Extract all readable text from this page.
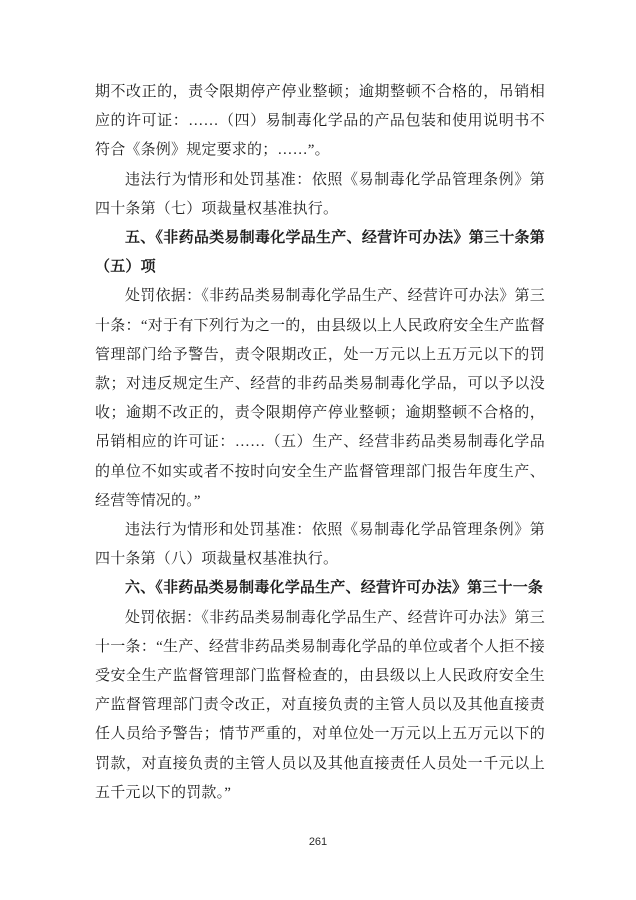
期不改正的，责令限期停产停业整顿；逾期整顿不合格的，吊销相应的许可证：……（四）易制毒化学品的产品包装和使用说明书不符合《条例》规定要求的；……”。

违法行为情形和处罚基准：依照《易制毒化学品管理条例》第四十条第（七）项裁量权基准执行。

五、《非药品类易制毒化学品生产、经营许可办法》第三十条第（五）项

处罚依据：《非药品类易制毒化学品生产、经营许可办法》第三十条：“对于有下列行为之一的，由县级以上人民政府安全生产监督管理部门给予警告，责令限期改正，处一万元以上五万元以下的罚款；对违反规定生产、经营的非药品类易制毒化学品，可以予以没收；逾期不改正的，责令限期停产停业整顿；逾期整顿不合格的，吊销相应的许可证：……（五）生产、经营非药品类易制毒化学品的单位不如实或者不按时向安全生产监督管理部门报告年度生产、经营等情况的。”

违法行为情形和处罚基准：依照《易制毒化学品管理条例》第四十条第（八）项裁量权基准执行。

六、《非药品类易制毒化学品生产、经营许可办法》第三十一条

处罚依据：《非药品类易制毒化学品生产、经营许可办法》第三十一条：“生产、经营非药品类易制毒化学品的单位或者个人拒不接受安全生产监督管理部门监督检查的，由县级以上人民政府安全生产监督管理部门责令改正，对直接负责的主管人员以及其他直接责任人员给予警告；情节严重的，对单位处一万元以上五万元以下的罚款，对直接负责的主管人员以及其他直接责任人员处一千元以上五千元以下的罚款。”

261
